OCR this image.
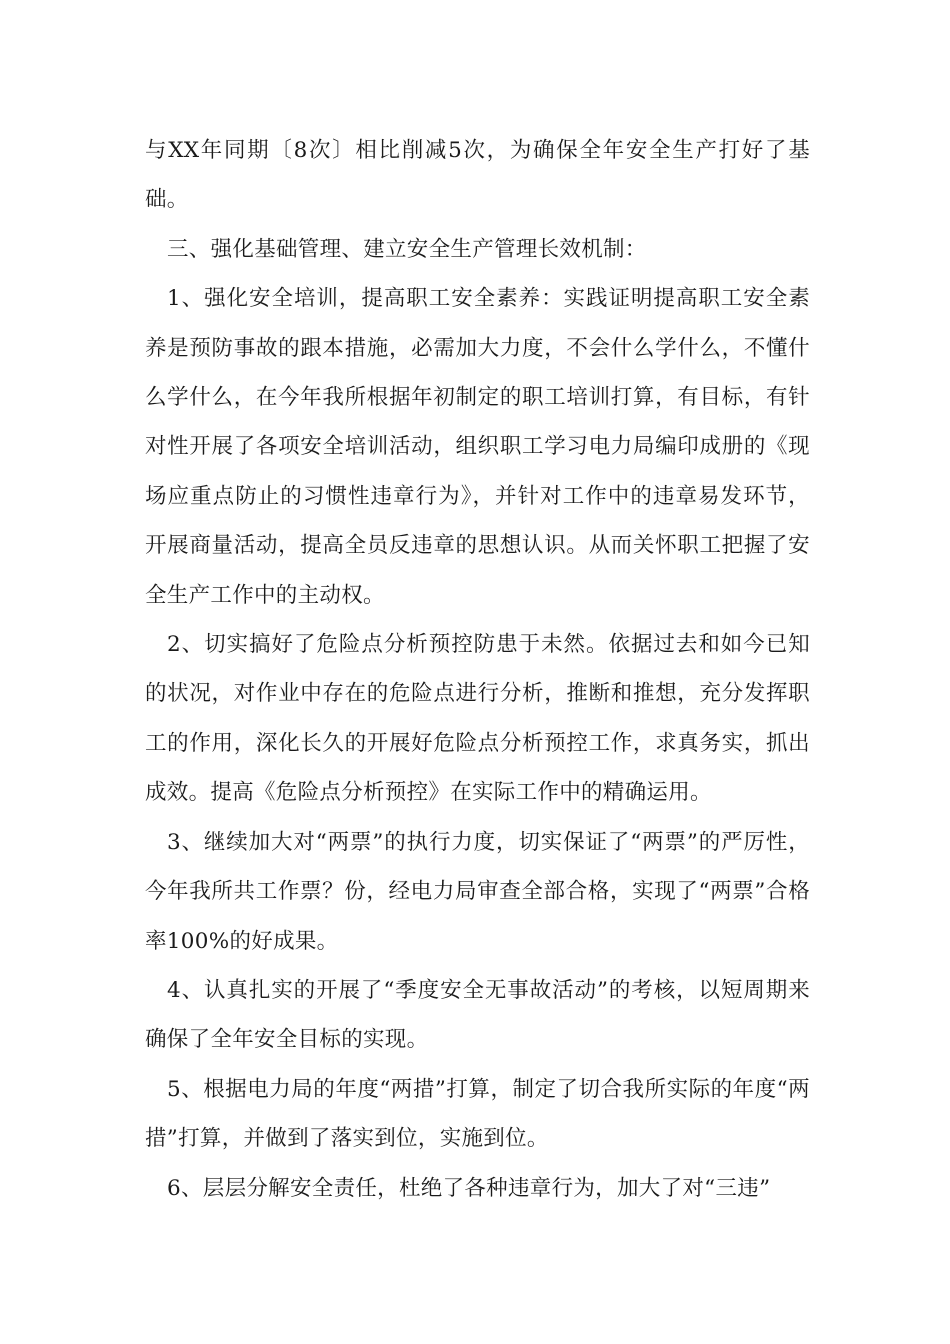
与XX年同期〔8次〕相比削减5次，为确保全年安全生产打好了基础。

三、强化基础管理、建立安全生产管理长效机制：

1、强化安全培训，提高职工安全素养：实践证明提高职工安全素养是预防事故的跟本措施，必需加大力度，不会什么学什么，不懂什么学什么，在今年我所根据年初制定的职工培训打算，有目标，有针对性开展了各项安全培训活动，组织职工学习电力局编印成册的《现场应重点防止的习惯性违章行为》，并针对工作中的违章易发环节，开展商量活动，提高全员反违章的思想认识。从而关怀职工把握了安全生产工作中的主动权。

2、切实搞好了危险点分析预控防患于未然。依据过去和如今已知的状况，对作业中存在的危险点进行分析，推断和推想，充分发挥职工的作用，深化长久的开展好危险点分析预控工作，求真务实，抓出成效。提高《危险点分析预控》在实际工作中的精确运用。

3、继续加大对“两票”的执行力度，切实保证了“两票”的严厉性，今年我所共工作票？份，经电力局审查全部合格，实现了“两票”合格率100%的好成果。

4、认真扎实的开展了“季度安全无事故活动”的考核，以短周期来确保了全年安全目标的实现。

5、根据电力局的年度“两措”打算，制定了切合我所实际的年度“两措”打算，并做到了落实到位，实施到位。

6、层层分解安全责任，杜绝了各种违章行为，加大了对“三违”
